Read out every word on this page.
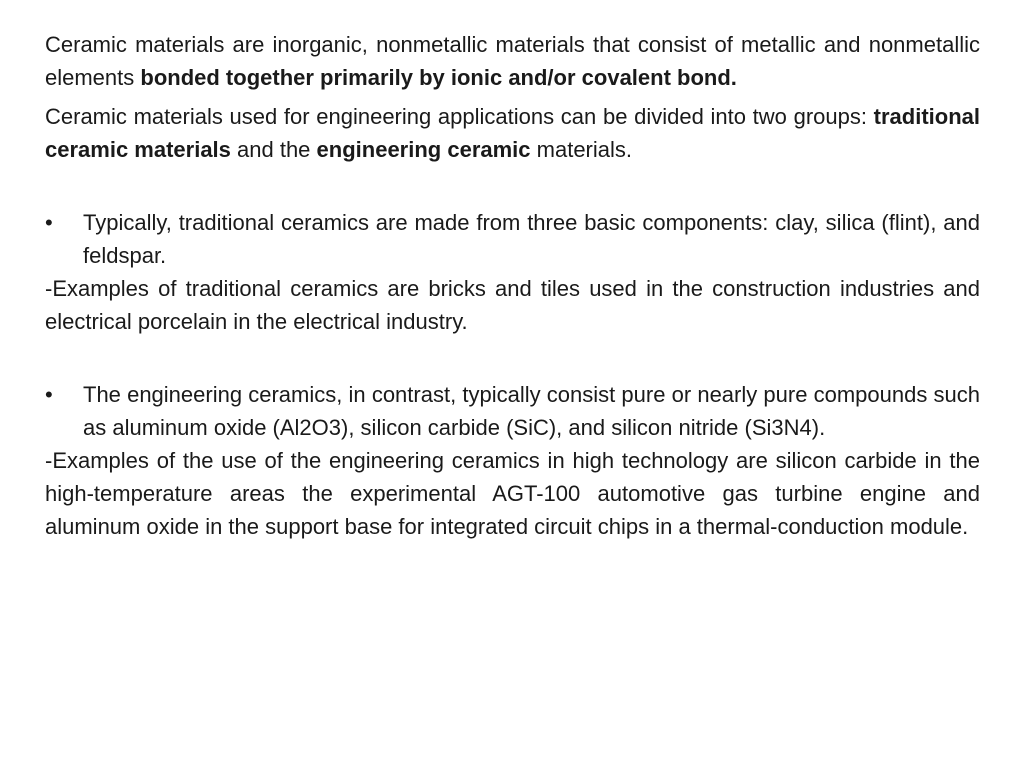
Ceramic materials are inorganic, nonmetallic materials that consist of metallic and nonmetallic elements bonded together primarily by ionic and/or covalent bond.

Ceramic materials used for engineering applications can be divided into two groups: traditional ceramic materials and the engineering ceramic materials.

•	Typically, traditional ceramics are made from three basic components: clay, silica (flint), and feldspar.

-Examples of traditional ceramics are bricks and tiles used in the construction industries and electrical porcelain in the electrical industry.

•	The engineering ceramics, in contrast, typically consist pure or nearly pure compounds such as aluminum oxide (Al2O3), silicon carbide (SiC), and silicon nitride (Si3N4).

-Examples of the use of the engineering ceramics in high technology are silicon carbide in the high-temperature areas the experimental AGT-100 automotive gas turbine engine and aluminum oxide in the support base for integrated circuit chips in a thermal-conduction module.
